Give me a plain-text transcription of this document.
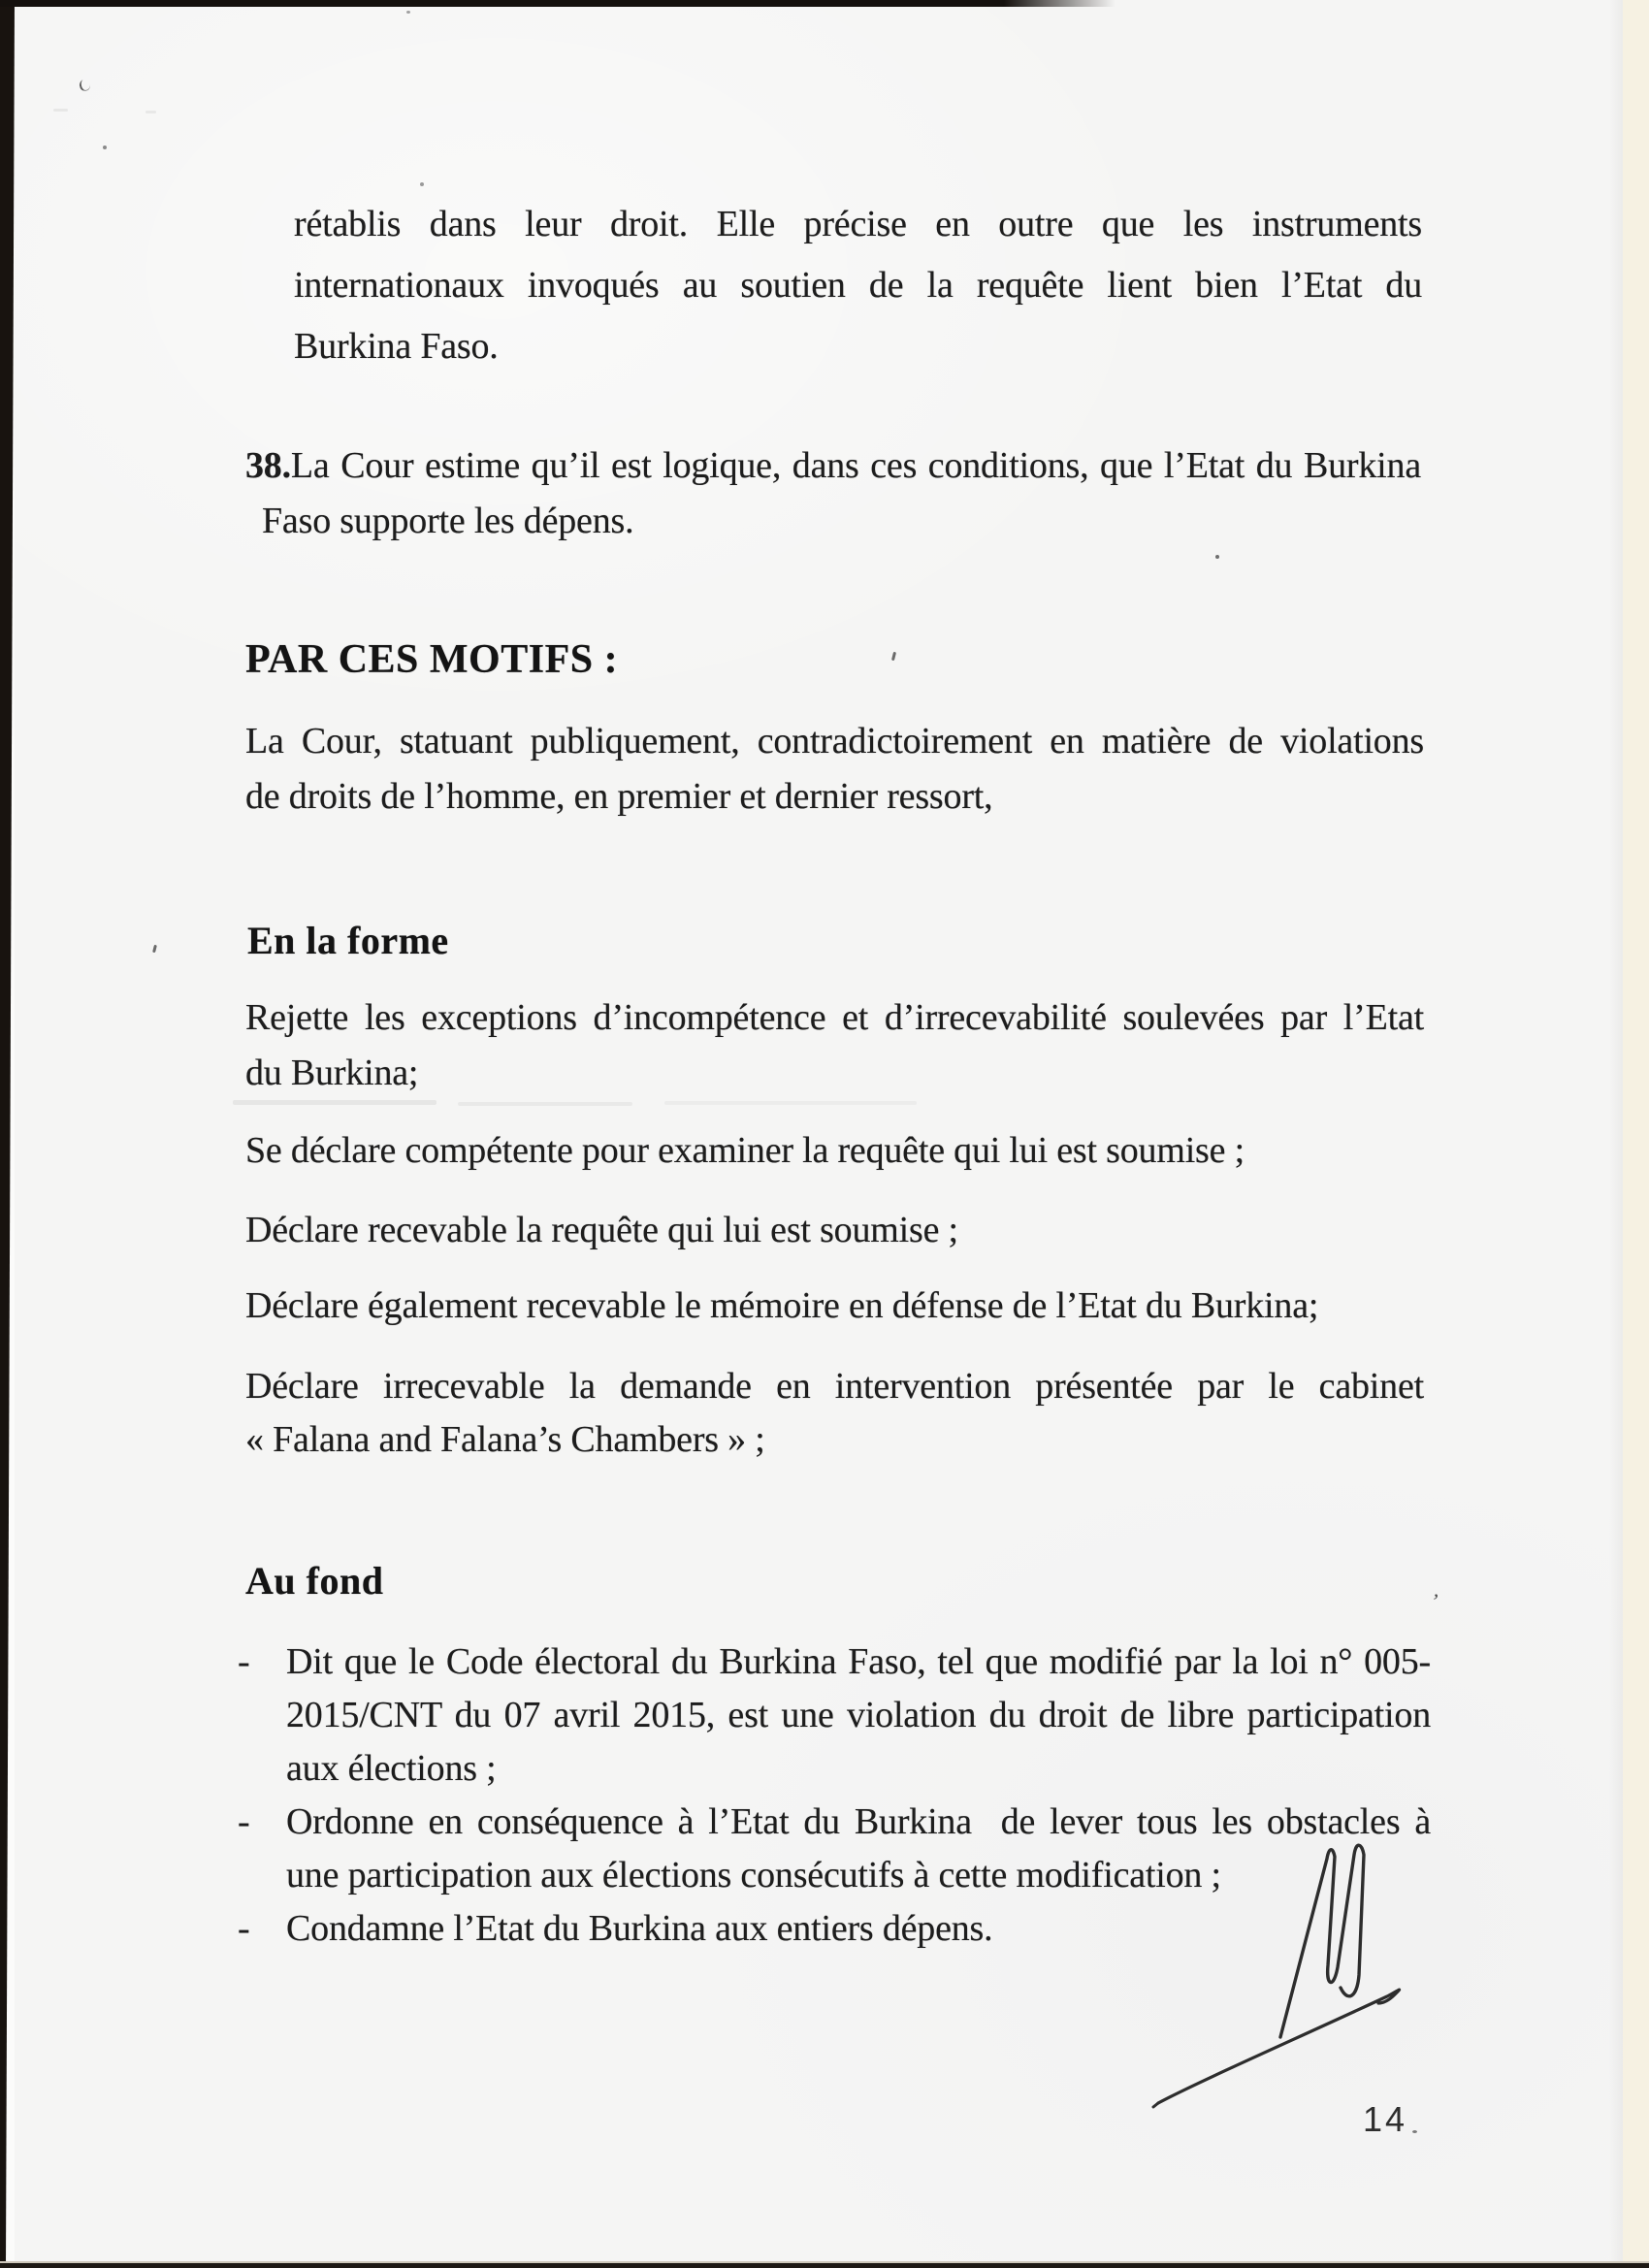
rétablis dans leur droit. Elle précise en outre que les instruments
internationaux invoqués au soutien de la requête lient bien l’Etat du
Burkina Faso.
38.La Cour estime qu’il est logique, dans ces conditions, que l’Etat du Burkina
Faso supporte les dépens.
PAR CES MOTIFS :
La Cour, statuant publiquement, contradictoirement en matière de violations
de droits de l’homme, en premier et dernier ressort,
En la forme
Rejette les exceptions d’incompétence et d’irrecevabilité soulevées par l’Etat
du Burkina;
Se déclare compétente pour examiner la requête qui lui est soumise ;
Déclare recevable la requête qui lui est soumise ;
Déclare également recevable le mémoire en défense de l’Etat du Burkina;
Déclare irrecevable la demande en intervention présentée par le cabinet
« Falana and Falana’s Chambers » ;
Au fond
- Dit que le Code électoral du Burkina Faso, tel que modifié par la loi n° 005-
2015/CNT du 07 avril 2015, est une violation du droit de libre participation
aux élections ;
- Ordonne en conséquence à l’Etat du Burkina  de lever tous les obstacles à
une participation aux élections consécutifs à cette modification ;
- Condamne l’Etat du Burkina aux entiers dépens.
14
’
